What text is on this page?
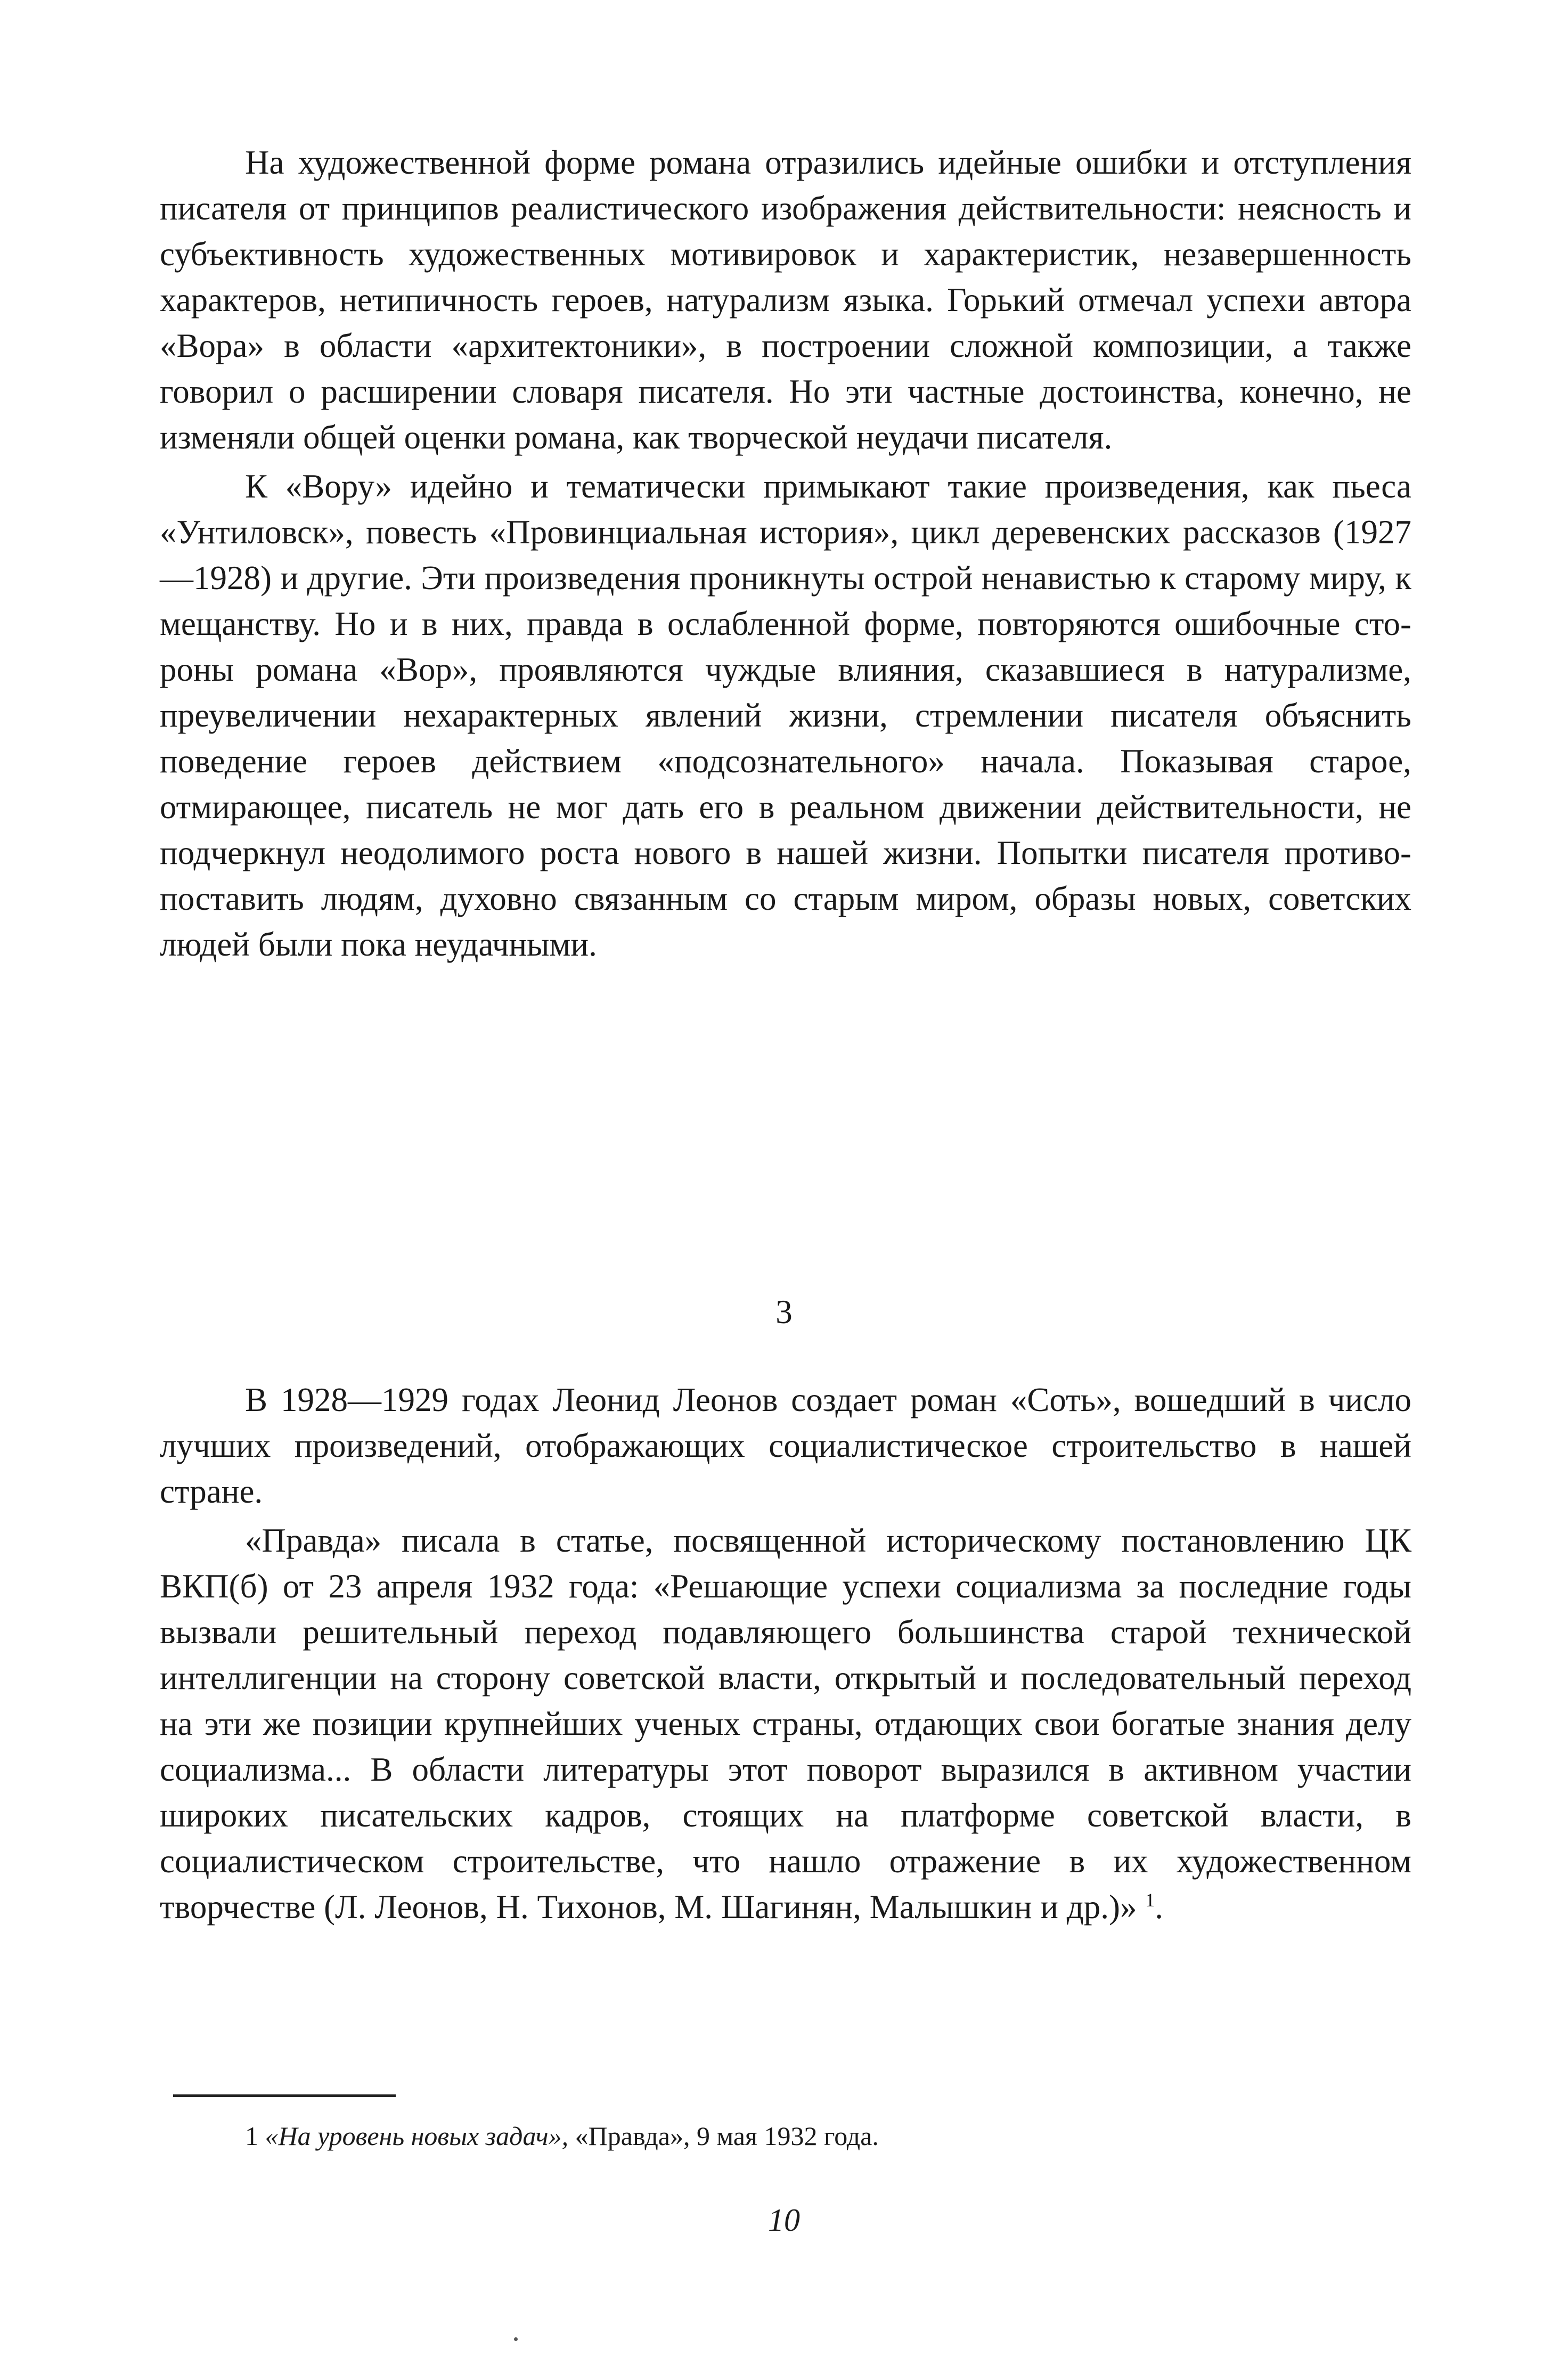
На художественной форме романа отразились идейные ошибки и отступления писателя от принципов реалистического изображения действительности: неясность и субъективность художественных мотивировок и характеристик, незавершенность характеров, нетипичность героев, натурализм языка. Горький отмечал успехи автора «Вора» в области «архитектоники», в построении сложной композиции, а также говорил о расширении словаря писателя. Но эти частные достоинства, конечно, не изменяли общей оценки романа, как творческой неудачи писателя.

К «Вору» идейно и тематически примыкают такие произведения, как пьеса «Унтиловск», повесть «Провинциальная история», цикл деревенских рассказов (1927—1928) и другие. Эти произведения проникнуты острой ненавистью к старому миру, к мещанству. Но и в них, правда в ослабленной форме, повторяются ошибочные стороны романа «Вор», проявляются чуждые влияния, сказавшиеся в натурализме, преувеличении нехарактерных явлений жизни, стремлении писателя объяснить поведение героев действием «подсознательного» начала. Показывая старое, отмирающее, писатель не мог дать его в реальном движении действительности, не подчеркнул неодолимого роста нового в нашей жизни. Попытки писателя противопоставить людям, духовно связанным со старым миром, образы новых, советских людей были пока неудачными.

3

В 1928—1929 годах Леонид Леонов создает роман «Соть», вошедший в число лучших произведений, отображающих социалистическое строительство в нашей стране.

«Правда» писала в статье, посвященной историческому постановлению ЦК ВКП(б) от 23 апреля 1932 года: «Решающие успехи социализма за последние годы вызвали решительный переход подавляющего большинства старой технической интеллигенции на сторону советской власти, открытый и последовательный переход на эти же позиции крупнейших ученых страны, отдающих свои богатые знания делу социализма... В области литературы этот поворот выразился в активном участии широких писательских кадров, стоящих на платформе советской власти, в социалистическом строительстве, что нашло отражение в их художественном творчестве (Л. Леонов, Н. Тихонов, М. Шагинян, Малышкин и др.)» $^1$.

1 «На уровень новых задач», «Правда», 9 мая 1932 года.

10
